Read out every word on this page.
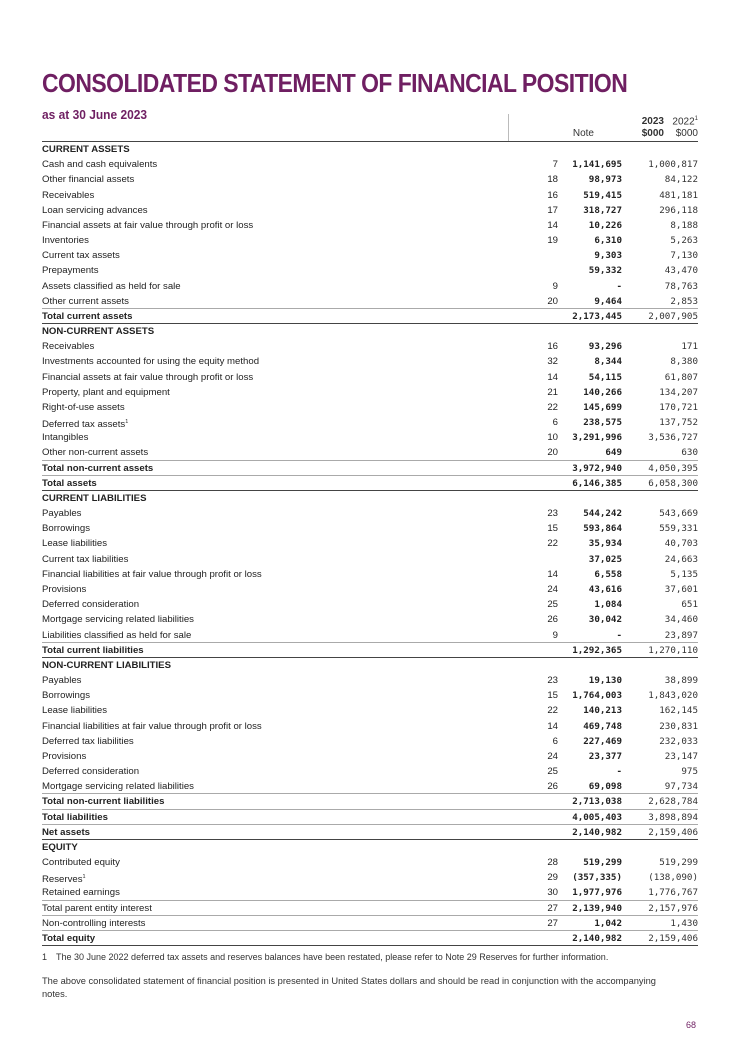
CONSOLIDATED STATEMENT OF FINANCIAL POSITION
as at 30 June 2023
Note
2023
$000
2022$^1$
$000
CURRENT ASSETS
Cash and cash equivalents	7 1,141,695	1,000,817
Other financial assets	18	98,973	84,122
Receivables	16	519,415	481,181
Loan servicing advances	17	318,727	296,118
Financial assets at fair value through profit or loss	14	10,226	8,188
Inventories	19	6,310	5,263
Current tax assets	9,303	7,130
Prepayments	59,332	43,470
Assets classified as held for sale	9	-	78,763
Other current assets	20	9,464	2,853
Total current assets	2,173,445	2,007,905
NON-CURRENT ASSETS
Receivables	16	93,296	171
Investments accounted for using the equity method	32	8,344	8,380
Financial assets at fair value through profit or loss	14	54,115	61,807
Property, plant and equipment	21	140,266	134,207
Right-of-use assets	22	145,699	170,721
Deferred tax assets$^1$	6	238,575	137,752
Intangibles	10 3,291,996	3,536,727
Other non-current assets	20	649	630
Total non-current assets	3,972,940	4,050,395
Total assets	6,146,385	6,058,300
CURRENT LIABILITIES
Payables	23	544,242	543,669
Borrowings	15	593,864	559,331
Lease liabilities	22	35,934	40,703
Current tax liabilities	37,025	24,663
Financial liabilities at fair value through profit or loss	14	6,558	5,135
Provisions	24	43,616	37,601
Deferred consideration	25	1,084	651
Mortgage servicing related liabilities	26	30,042	34,460
Liabilities classified as held for sale	9	-	23,897
Total current liabilities	1,292,365	1,270,110
NON-CURRENT LIABILITIES
Payables	23	19,130	38,899
Borrowings	15 1,764,003	1,843,020
Lease liabilities	22	140,213	162,145
Financial liabilities at fair value through profit or loss	14	469,748	230,831
Deferred tax liabilities	6	227,469	232,033
Provisions	24	23,377	23,147
Deferred consideration	25	-	975
Mortgage servicing related liabilities	26	69,098	97,734
Total non-current liabilities	2,713,038	2,628,784
Total liabilities	4,005,403	3,898,894
Net assets	2,140,982	2,159,406
EQUITY
Contributed equity	28	519,299	519,299
Reserves$^1$	29 (357,335)	(138,090)
Retained earnings	30 1,977,976	1,776,767
Total parent entity interest	27 2,139,940	2,157,976
Non-controlling interests	27	1,042	1,430
Total equity	2,140,982	2,159,406
1 The 30 June 2022 deferred tax assets and reserves balances have been restated, please refer to Note 29 Reserves for further information.
The above consolidated statement of financial position is presented in United States dollars and should be read in conjunction with the accompanying notes.
68
